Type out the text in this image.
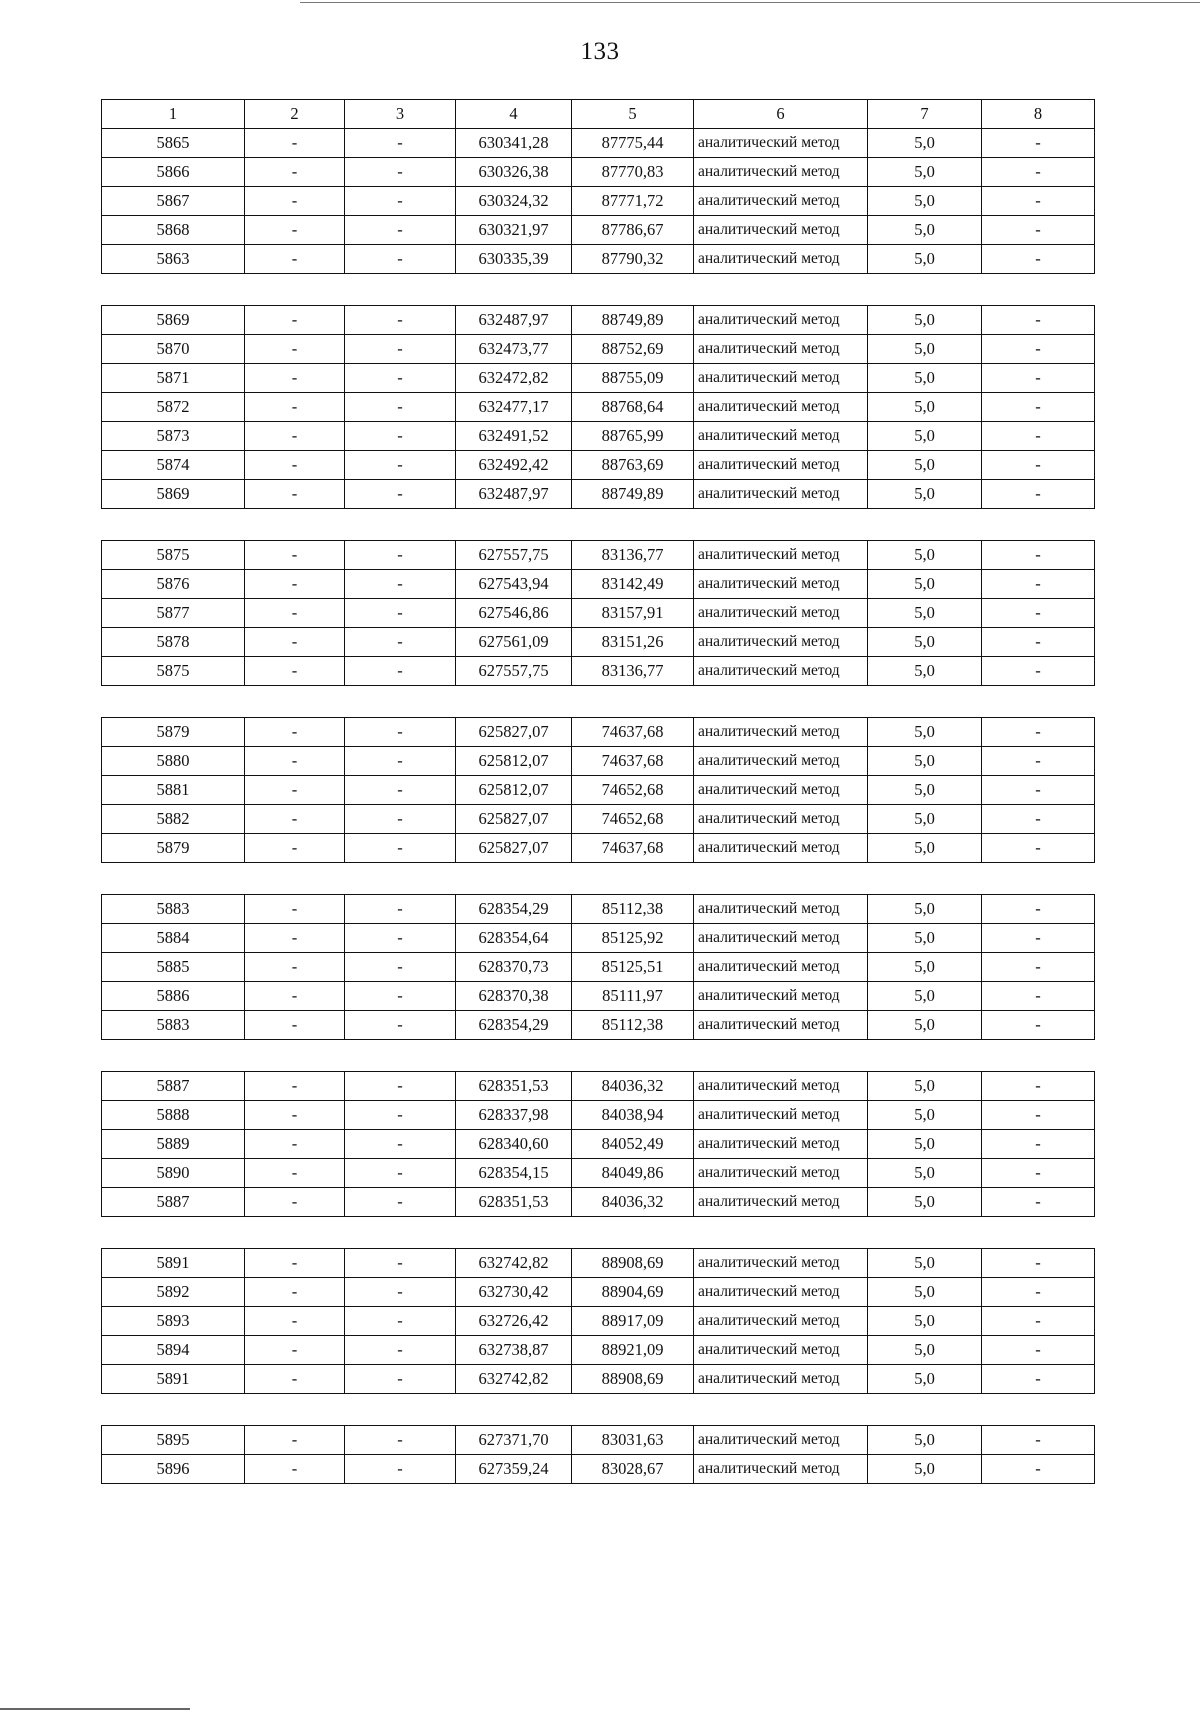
133
1	2	3	4	5	6	7	8
5865	-	-	630341,28	87775,44	аналитический метод	5,0	-
5866	-	-	630326,38	87770,83	аналитический метод	5,0	-
5867	-	-	630324,32	87771,72	аналитический метод	5,0	-
5868	-	-	630321,97	87786,67	аналитический метод	5,0	-
5863	-	-	630335,39	87790,32	аналитический метод	5,0	-
5869	-	-	632487,97	88749,89	аналитический метод	5,0	-
5870	-	-	632473,77	88752,69	аналитический метод	5,0	-
5871	-	-	632472,82	88755,09	аналитический метод	5,0	-
5872	-	-	632477,17	88768,64	аналитический метод	5,0	-
5873	-	-	632491,52	88765,99	аналитический метод	5,0	-
5874	-	-	632492,42	88763,69	аналитический метод	5,0	-
5869	-	-	632487,97	88749,89	аналитический метод	5,0	-
5875	-	-	627557,75	83136,77	аналитический метод	5,0	-
5876	-	-	627543,94	83142,49	аналитический метод	5,0	-
5877	-	-	627546,86	83157,91	аналитический метод	5,0	-
5878	-	-	627561,09	83151,26	аналитический метод	5,0	-
5875	-	-	627557,75	83136,77	аналитический метод	5,0	-
5879	-	-	625827,07	74637,68	аналитический метод	5,0	-
5880	-	-	625812,07	74637,68	аналитический метод	5,0	-
5881	-	-	625812,07	74652,68	аналитический метод	5,0	-
5882	-	-	625827,07	74652,68	аналитический метод	5,0	-
5879	-	-	625827,07	74637,68	аналитический метод	5,0	-
5883	-	-	628354,29	85112,38	аналитический метод	5,0	-
5884	-	-	628354,64	85125,92	аналитический метод	5,0	-
5885	-	-	628370,73	85125,51	аналитический метод	5,0	-
5886	-	-	628370,38	85111,97	аналитический метод	5,0	-
5883	-	-	628354,29	85112,38	аналитический метод	5,0	-
5887	-	-	628351,53	84036,32	аналитический метод	5,0	-
5888	-	-	628337,98	84038,94	аналитический метод	5,0	-
5889	-	-	628340,60	84052,49	аналитический метод	5,0	-
5890	-	-	628354,15	84049,86	аналитический метод	5,0	-
5887	-	-	628351,53	84036,32	аналитический метод	5,0	-
5891	-	-	632742,82	88908,69	аналитический метод	5,0	-
5892	-	-	632730,42	88904,69	аналитический метод	5,0	-
5893	-	-	632726,42	88917,09	аналитический метод	5,0	-
5894	-	-	632738,87	88921,09	аналитический метод	5,0	-
5891	-	-	632742,82	88908,69	аналитический метод	5,0	-
5895	-	-	627371,70	83031,63	аналитический метод	5,0	-
5896	-	-	627359,24	83028,67	аналитический метод	5,0	-
